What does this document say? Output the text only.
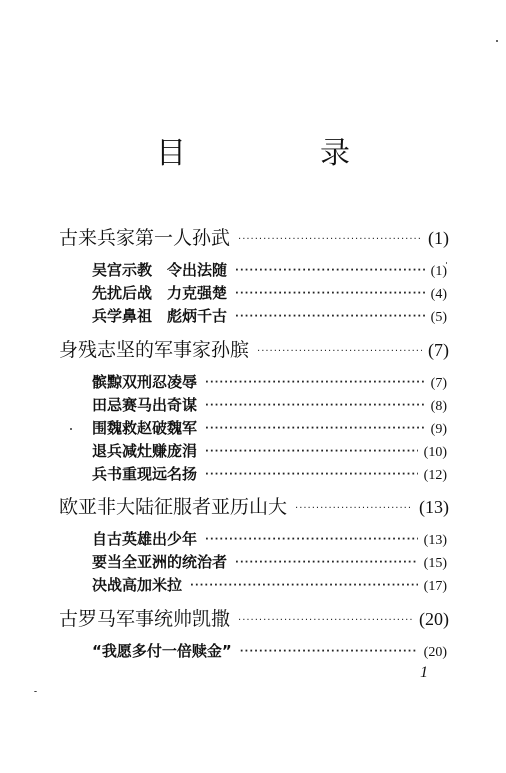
目　录
古来兵家第一人孙武 ·····	(1)
吴宫示教　令出法随 ·····	(1)
先扰后战　力克强楚 ·····	(4)
兵学鼻祖　彪炳千古 ·····	(5)
身残志坚的军事家孙膑 ·····	(7)
髌黥双刑忍凌辱 ·····	(7)
田忌赛马出奇谋 ·····	(8)
围魏救赵破魏军 ·····	(9)
退兵减灶赚庞涓 ·····	(10)
兵书重现远名扬 ·····	(12)
欧亚非大陆征服者亚历山大 ·····	(13)
自古英雄出少年 ·····	(13)
要当全亚洲的统治者 ·····	(15)
决战高加米拉 ·····	(17)
古罗马军事统帅凯撒 ·····	(20)
“我愿多付一倍赎金” ·····	(20)
1
